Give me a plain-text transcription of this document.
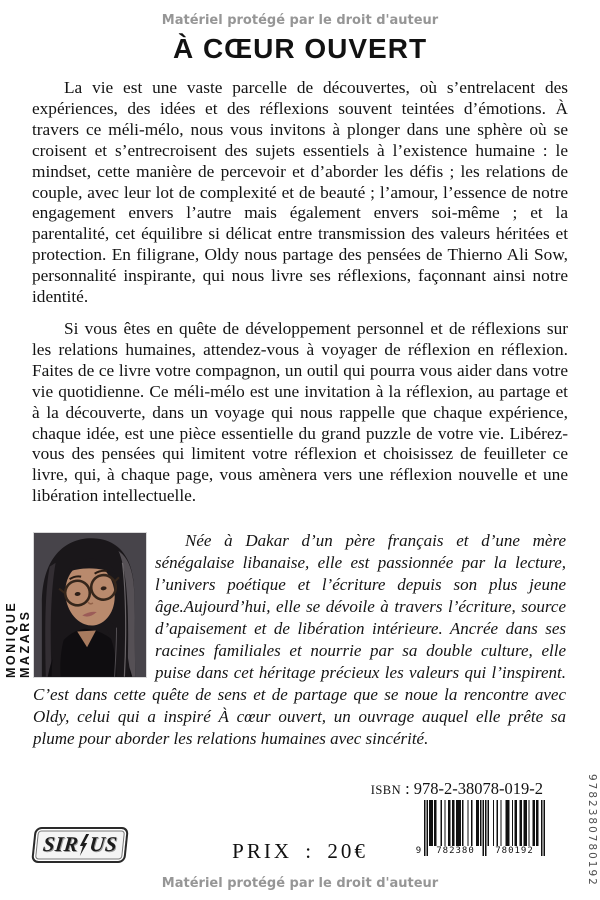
Matériel protégé par le droit d'auteur
À CŒUR OUVERT

La vie est une vaste parcelle de découvertes, où s’entrelacent des expériences, des idées et des réflexions souvent teintées d’émotions. À travers ce méli-mélo, nous vous invitons à plonger dans une sphère où se croisent et s’entrecroisent des sujets essentiels à l’existence humaine : le mindset, cette manière de percevoir et d’aborder les défis ; les relations de couple, avec leur lot de complexité et de beauté ; l’amour, l’essence de notre engagement envers l’autre mais également envers soi-même ; et la parentalité, cet équilibre si délicat entre transmission des valeurs héritées et protection. En filigrane, Oldy nous partage des pensées de Thierno Ali Sow, personnalité inspirante, qui nous livre ses réflexions, façonnant ainsi notre identité.

Si vous êtes en quête de développement personnel et de réflexions sur les relations humaines, attendez-vous à voyager de réflexion en réflexion. Faites de ce livre votre compagnon, un outil qui pourra vous aider dans votre vie quotidienne. Ce méli-mélo est une invitation à la réflexion, au partage et à la découverte, dans un voyage qui nous rappelle que chaque expérience, chaque idée, est une pièce essentielle du grand puzzle de votre vie. Libérez-vous des pensées qui limitent votre réflexion et choisissez de feuilleter ce livre, qui, à chaque page, vous amènera vers une réflexion nouvelle et une libération intellectuelle.

MONIQUE MAZARS

Née à Dakar d’un père français et d’une mère sénégalaise libanaise, elle est passionnée par la lecture, l’univers poétique et l’écriture depuis son plus jeune âge.Aujourd’hui, elle se dévoile à travers l’écriture, source d’apaisement et de libération intérieure. Ancrée dans ses racines familiales et nourrie par sa double culture, elle puise dans cet héritage précieux les valeurs qui l’inspirent. C’est dans cette quête de sens et de partage que se noue la rencontre avec Oldy, celui qui a inspiré À cœur ouvert, un ouvrage auquel elle prête sa plume pour aborder les relations humaines avec sincérité.

ISBN : 978-2-38078-019-2
9	782380	780192
SIR US	PRIX : 20€
Matériel protégé par le droit d'auteur	9782380780192
